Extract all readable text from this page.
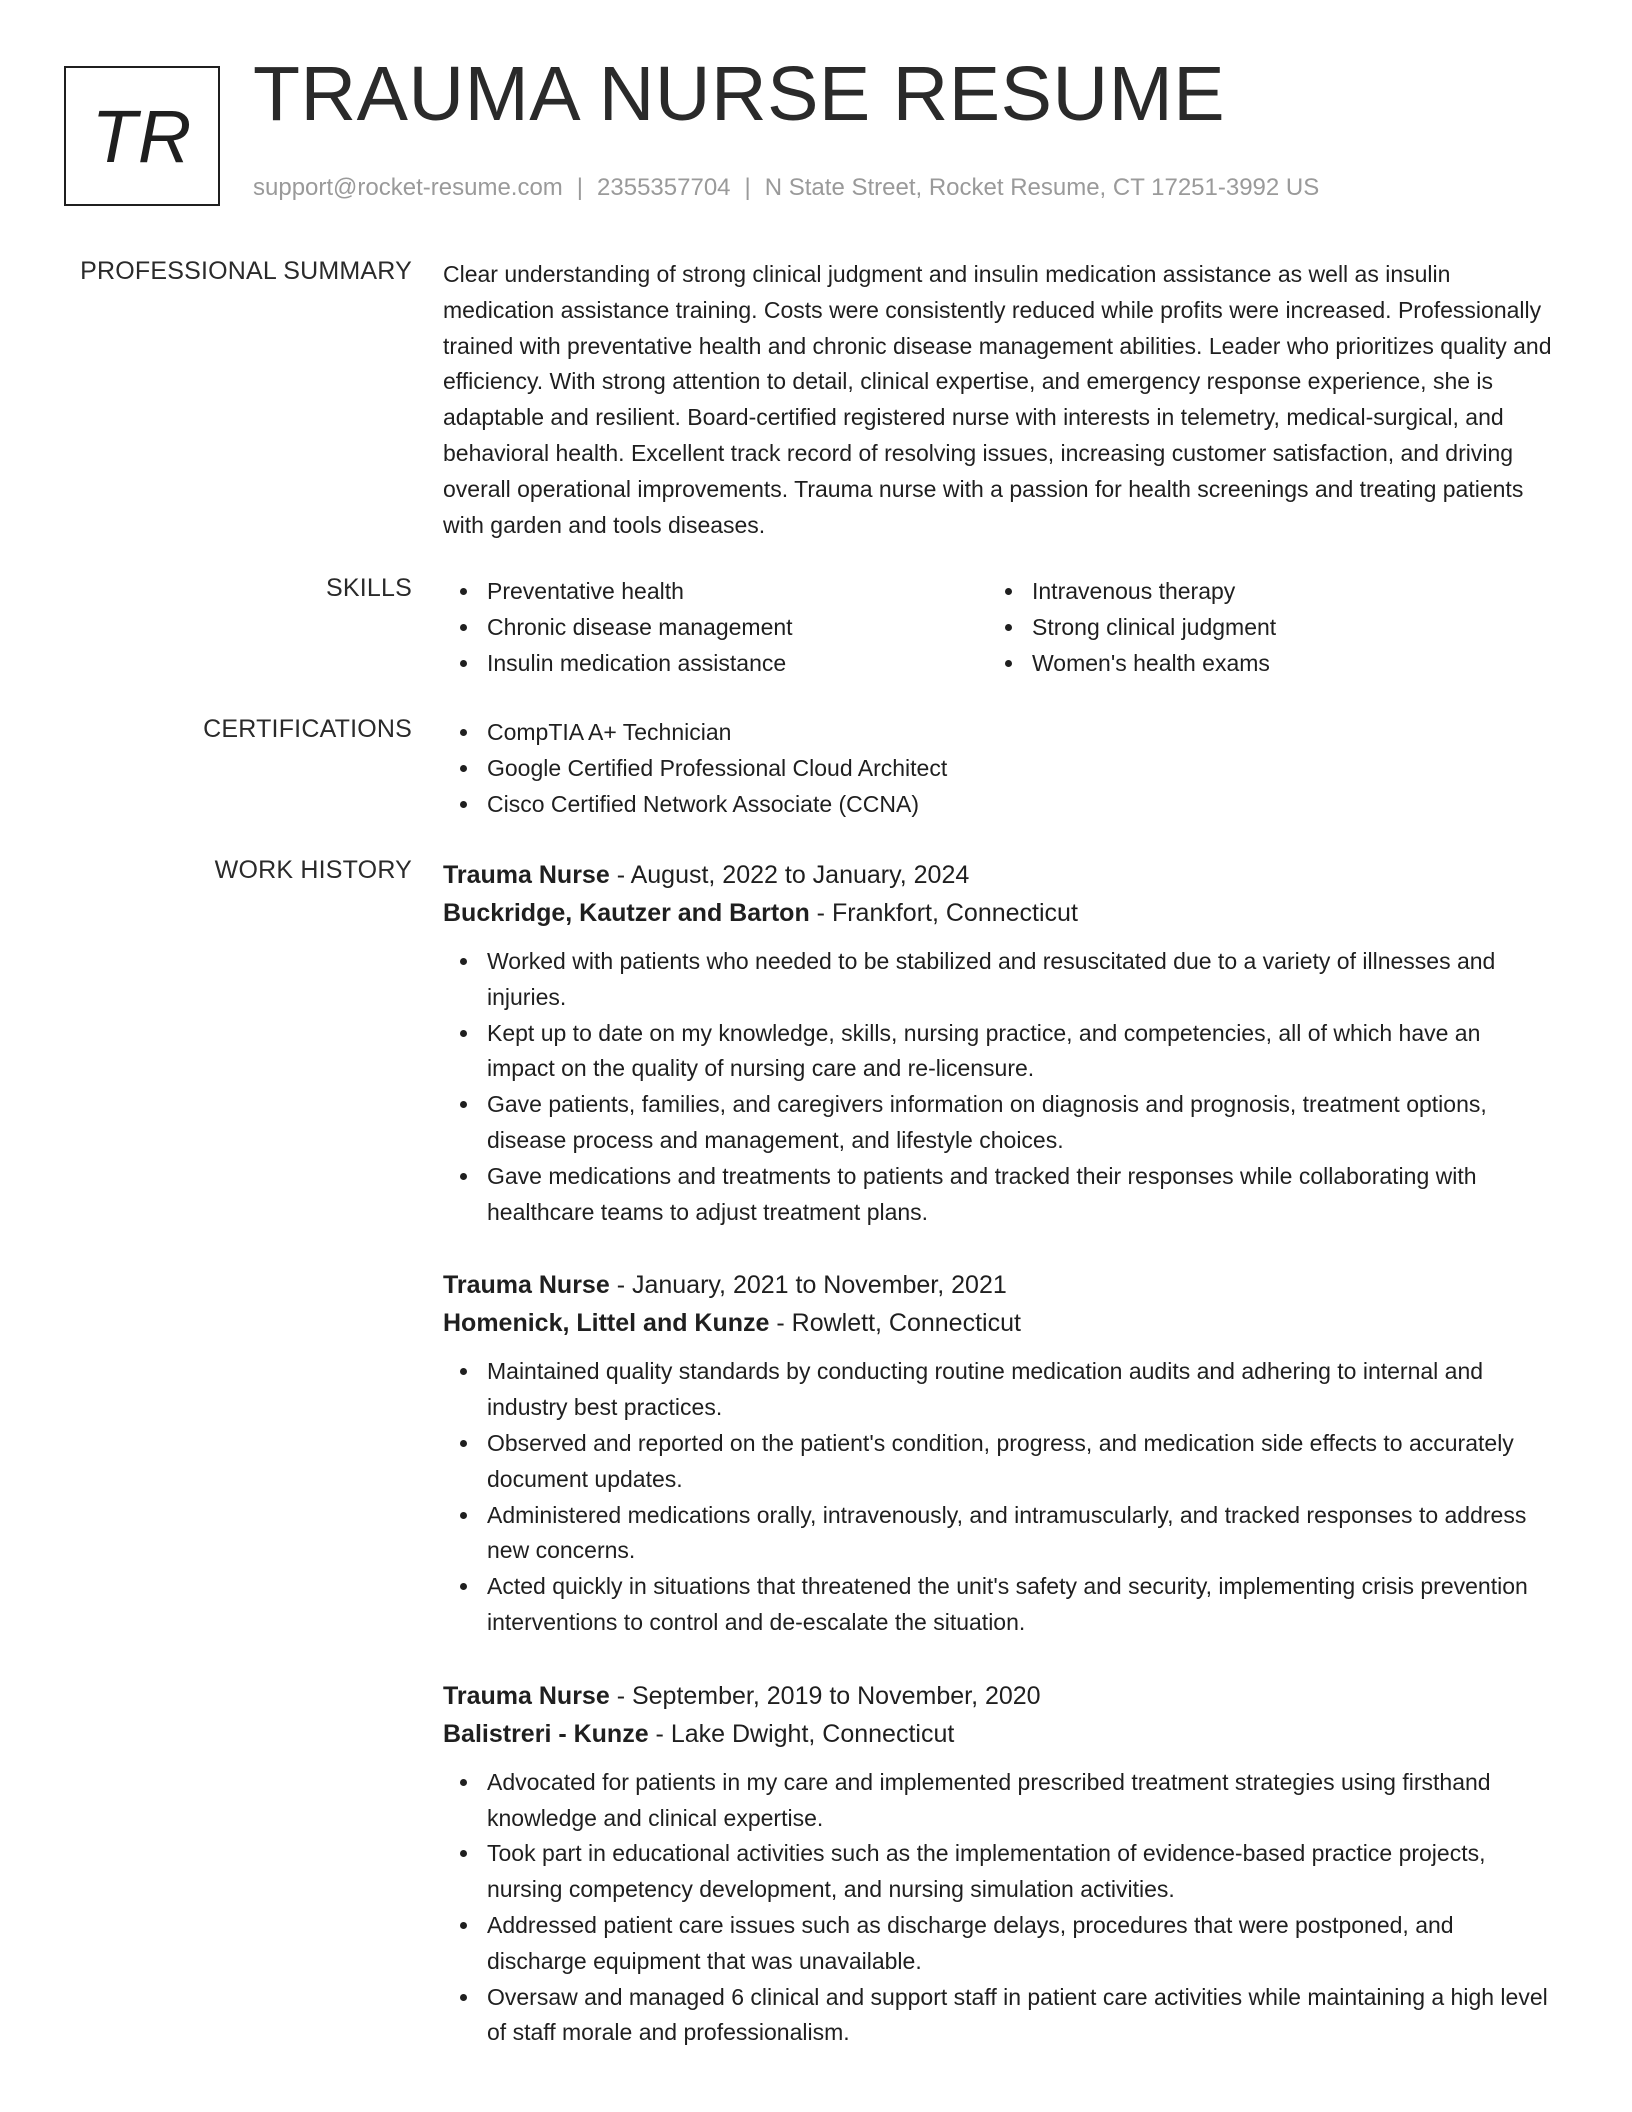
TR TRAUMA NURSE RESUME
support@rocket-resume.com | 2355357704 | N State Street, Rocket Resume, CT 17251-3992 US
PROFESSIONAL SUMMARY Clear understanding of strong clinical judgment and insulin medication assistance as well as insulin medication assistance training. Costs were consistently reduced while profits were increased. Professionally trained with preventative health and chronic disease management abilities. Leader who prioritizes quality and efficiency. With strong attention to detail, clinical expertise, and emergency response experience, she is adaptable and resilient. Board-certified registered nurse with interests in telemetry, medical-surgical, and behavioral health. Excellent track record of resolving issues, increasing customer satisfaction, and driving overall operational improvements. Trauma nurse with a passion for health screenings and treating patients with garden and tools diseases.

SKILLS	Preventative health
Chronic disease management
Insulin medication assistance
Intravenous therapy
Strong clinical judgment
Women's health exams
CERTIFICATIONS	CompTIA A+ Technician
Google Certified Professional Cloud Architect
Cisco Certified Network Associate (CCNA)
WORK HISTORY Trauma Nurse - August, 2022 to January, 2024
Buckridge, Kautzer and Barton - Frankfort, Connecticut
Worked with patients who needed to be stabilized and resuscitated due to a variety of illnesses and injuries.
Kept up to date on my knowledge, skills, nursing practice, and competencies, all of which have an impact on the quality of nursing care and re-licensure.
Gave patients, families, and caregivers information on diagnosis and prognosis, treatment options, disease process and management, and lifestyle choices.
Gave medications and treatments to patients and tracked their responses while collaborating with healthcare teams to adjust treatment plans.
Trauma Nurse - January, 2021 to November, 2021
Homenick, Littel and Kunze - Rowlett, Connecticut
Maintained quality standards by conducting routine medication audits and adhering to internal and industry best practices.
Observed and reported on the patient's condition, progress, and medication side effects to accurately document updates.
Administered medications orally, intravenously, and intramuscularly, and tracked responses to address new concerns.
Acted quickly in situations that threatened the unit's safety and security, implementing crisis prevention interventions to control and de-escalate the situation.
Trauma Nurse - September, 2019 to November, 2020
Balistreri - Kunze - Lake Dwight, Connecticut
Advocated for patients in my care and implemented prescribed treatment strategies using firsthand knowledge and clinical expertise.
Took part in educational activities such as the implementation of evidence-based practice projects, nursing competency development, and nursing simulation activities.
Addressed patient care issues such as discharge delays, procedures that were postponed, and discharge equipment that was unavailable.
Oversaw and managed 6 clinical and support staff in patient care activities while maintaining a high level of staff morale and professionalism.
